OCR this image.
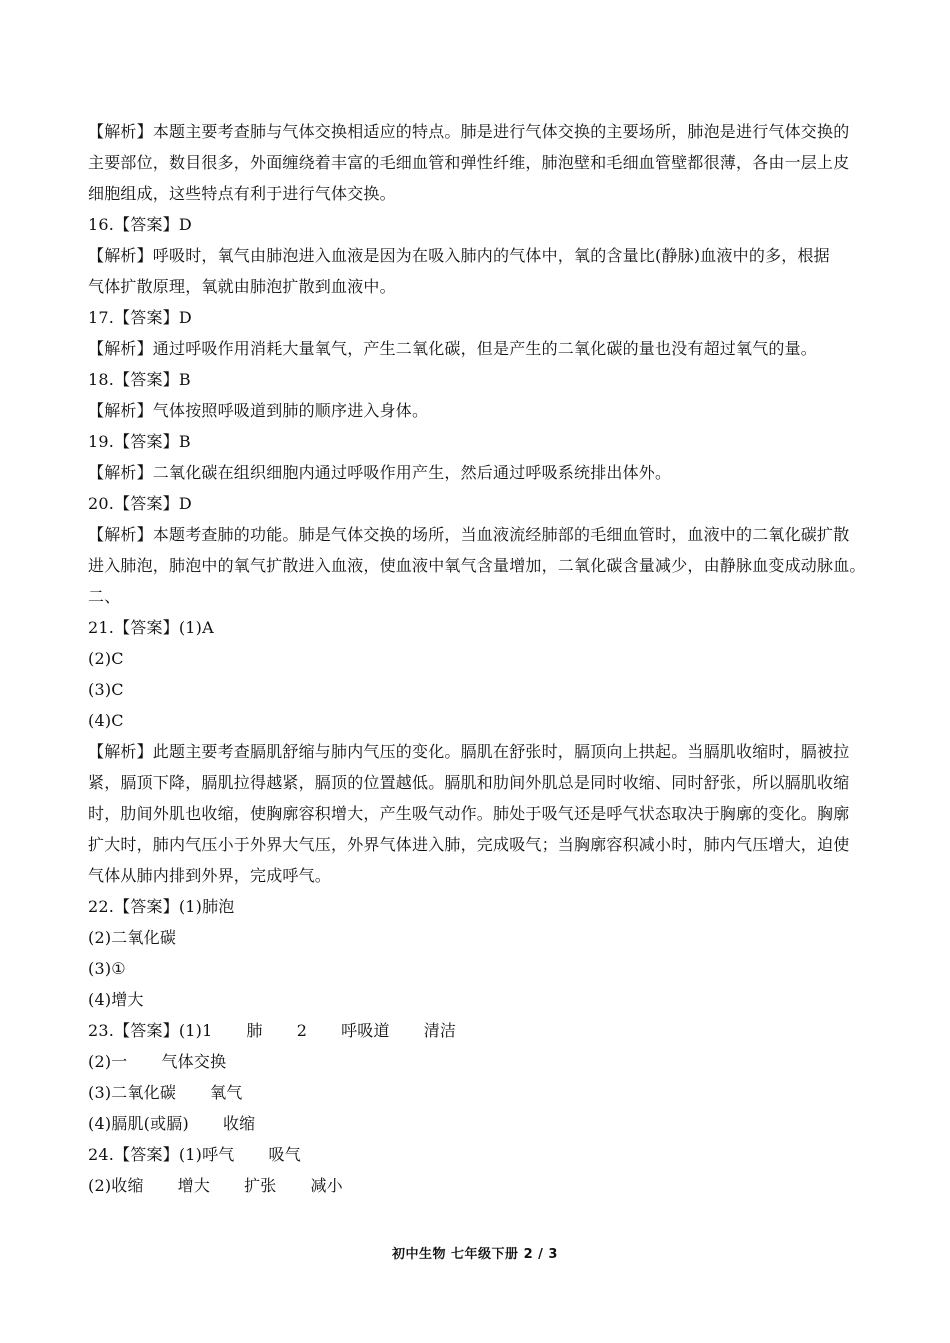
【解析】本题主要考查肺与气体交换相适应的特点。肺是进行气体交换的主要场所，肺泡是进行气体交换的
主要部位，数目很多，外面缠绕着丰富的毛细血管和弹性纤维，肺泡壁和毛细血管壁都很薄，各由一层上皮
细胞组成，这些特点有利于进行气体交换。
16.【答案】D
【解析】呼吸时，氧气由肺泡进入血液是因为在吸入肺内的气体中，氧的含量比(静脉)血液中的多，根据
气体扩散原理，氧就由肺泡扩散到血液中。
17.【答案】D
【解析】通过呼吸作用消耗大量氧气，产生二氧化碳，但是产生的二氧化碳的量也没有超过氧气的量。
18.【答案】B
【解析】气体按照呼吸道到肺的顺序进入身体。
19.【答案】B
【解析】二氧化碳在组织细胞内通过呼吸作用产生，然后通过呼吸系统排出体外。
20.【答案】D
【解析】本题考查肺的功能。肺是气体交换的场所，当血液流经肺部的毛细血管时，血液中的二氧化碳扩散
进入肺泡，肺泡中的氧气扩散进入血液，使血液中氧气含量增加，二氧化碳含量减少，由静脉血变成动脉血。
二、
21.【答案】(1)A
(2)C
(3)C
(4)C
【解析】此题主要考查膈肌舒缩与肺内气压的变化。膈肌在舒张时，膈顶向上拱起。当膈肌收缩时，膈被拉
紧，膈顶下降，膈肌拉得越紧，膈顶的位置越低。膈肌和肋间外肌总是同时收缩、同时舒张，所以膈肌收缩
时，肋间外肌也收缩，使胸廓容积增大，产生吸气动作。肺处于吸气还是呼气状态取决于胸廓的变化。胸廓
扩大时，肺内气压小于外界大气压，外界气体进入肺，完成吸气；当胸廓容积减小时，肺内气压增大，迫使
气体从肺内排到外界，完成呼气。
22.【答案】(1)肺泡
(2)二氧化碳
(3)①
(4)增大
23.【答案】(1)1 肺 2 呼吸道 清洁
(2)一 气体交换
(3)二氧化碳 氧气
(4)膈肌(或膈) 收缩
24.【答案】(1)呼气 吸气
(2)收缩 增大 扩张 减小
初中生物 七年级下册 2 / 3
